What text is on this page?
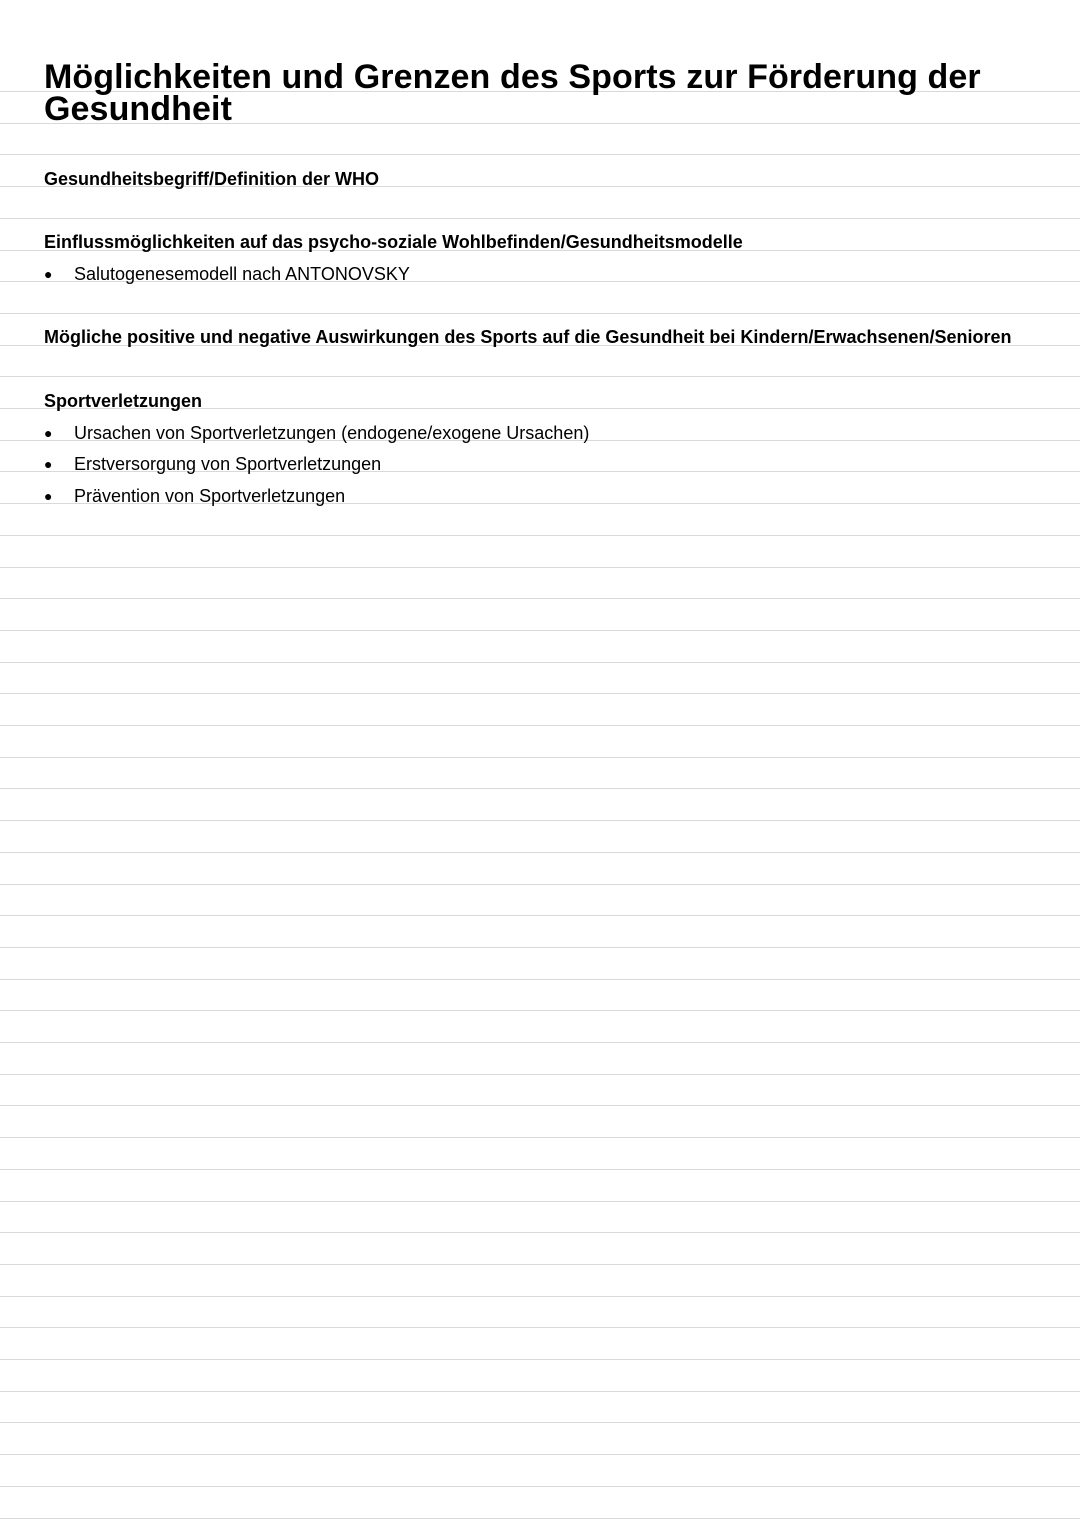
Möglichkeiten und Grenzen des Sports zur Förderung der Gesundheit
Gesundheitsbegriff/Definition der WHO
Einflussmöglichkeiten auf das psycho-soziale Wohlbefinden/Gesundheitsmodelle
● Salutogenesemodell nach ANTONOVSKY
Mögliche positive und negative Auswirkungen des Sports auf die Gesundheit bei Kindern/Erwachsenen/Senioren
Sportverletzungen
● Ursachen von Sportverletzungen (endogene/exogene Ursachen)
● Erstversorgung von Sportverletzungen
● Prävention von Sportverletzungen
